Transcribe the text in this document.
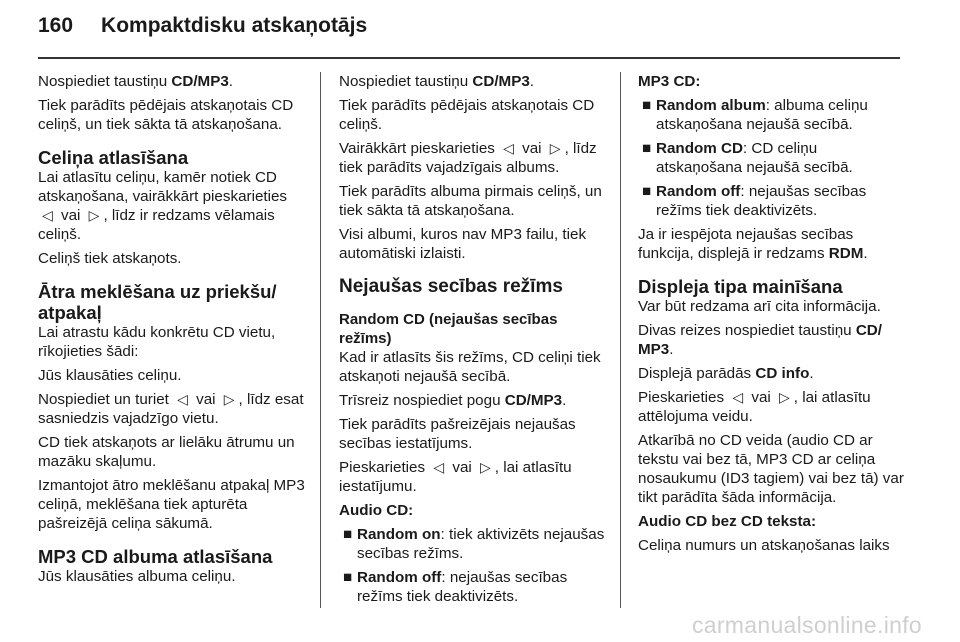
160 Kompaktdisku atskaņotājs

Nospiediet taustiņu CD/MP3.

Tiek parādīts pēdējais atskaņotais CD celiņš, un tiek sākta tā atskaņošana.

Celiņa atlasīšana

Lai atlasītu celiņu, kamēr notiek CD atskaņošana, vairākkārt pieskarieties ◁ vai ▷ , līdz ir redzams vēlamais celiņš.

Celiņš tiek atskaņots.

Ātra meklēšana uz priekšu/ atpakaļ

Lai atrastu kādu konkrētu CD vietu, rīkojieties šādi:

Jūs klausāties celiņu.

Nospiediet un turiet ◁ vai ▷ , līdz esat sasniedzis vajadzīgo vietu.

CD tiek atskaņots ar lielāku ātrumu un mazāku skaļumu.

Izmantojot ātro meklēšanu atpakaļ MP3 celiņā, meklēšana tiek apturēta pašreizējā celiņa sākumā.

MP3 CD albuma atlasīšana

Jūs klausāties albuma celiņu.

Nospiediet taustiņu CD/MP3.

Tiek parādīts pēdējais atskaņotais CD celiņš.

Vairākkārt pieskarieties ◁ vai ▷ , līdz tiek parādīts vajadzīgais albums.

Tiek parādīts albuma pirmais celiņš, un tiek sākta tā atskaņošana.

Visi albumi, kuros nav MP3 failu, tiek automātiski izlaisti.

Nejaušas secības režīms
Random CD (nejaušas secības režīms)

Kad ir atlasīts šis režīms, CD celiņi tiek atskaņoti nejaušā secībā.

Trīsreiz nospiediet pogu CD/MP3.

Tiek parādīts pašreizējais nejaušas secības iestatījums.

Pieskarieties ◁ vai ▷ , lai atlasītu iestatījumu.

Audio CD:

■ Random on: tiek aktivizēts nejaušas secības režīms.

■ Random off: nejaušas secības režīms tiek deaktivizēts.

MP3 CD:

■ Random album: albuma celiņu atskaņošana nejaušā secībā.

■ Random CD: CD celiņu atskaņošana nejaušā secībā.

■ Random off: nejaušas secības režīms tiek deaktivizēts.

Ja ir iespējota nejaušas secības funkcija, displejā ir redzams RDM.

Displeja tipa mainīšana

Var būt redzama arī cita informācija.

Divas reizes nospiediet taustiņu CD/ MP3.

Displejā parādās CD info.

Pieskarieties ◁ vai ▷ , lai atlasītu attēlojuma veidu.

Atkarībā no CD veida (audio CD ar tekstu vai bez tā, MP3 CD ar celiņa nosaukumu (ID3 tagiem) vai bez tā) var tikt parādīta šāda informācija.

Audio CD bez CD teksta:

Celiņa numurs un atskaņošanas laiks

carmanualsonline.info
